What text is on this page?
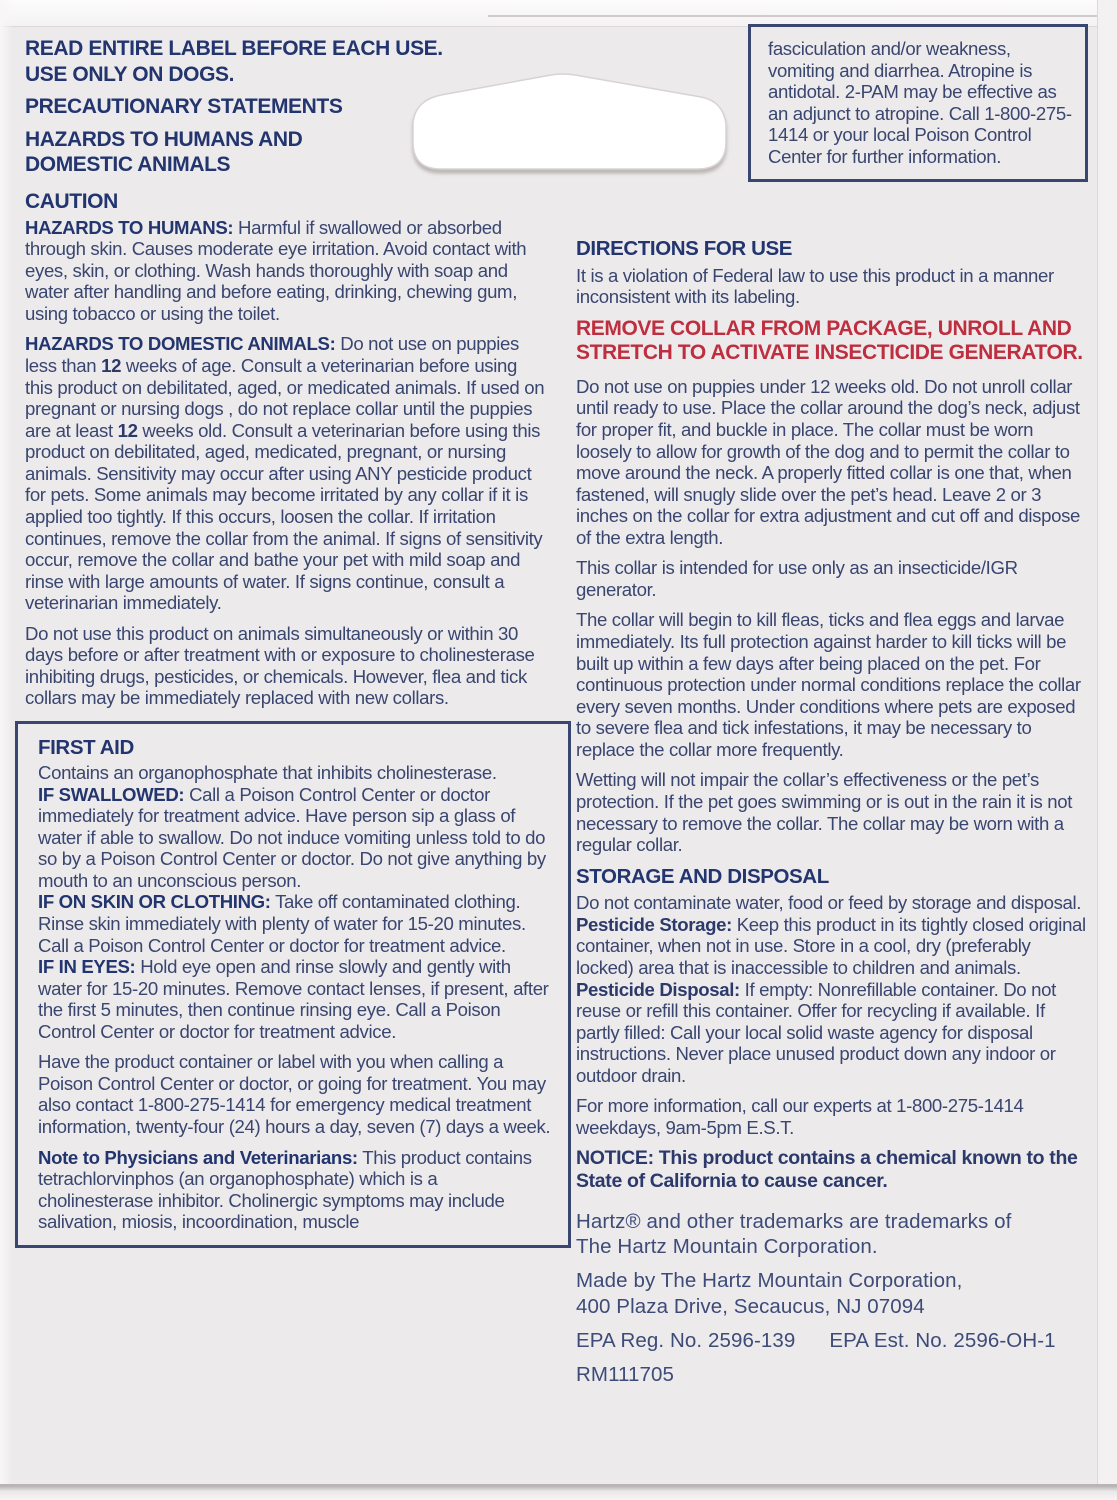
READ ENTIRE LABEL BEFORE EACH USE.
USE ONLY ON DOGS.
PRECAUTIONARY STATEMENTS
HAZARDS TO HUMANS AND
DOMESTIC ANIMALS
CAUTION

HAZARDS TO HUMANS: Harmful if swallowed or absorbed through skin. Causes moderate eye irritation. Avoid contact with eyes, skin, or clothing. Wash hands thoroughly with soap and water after handling and before eating, drinking, chewing gum, using tobacco or using the toilet.

HAZARDS TO DOMESTIC ANIMALS: Do not use on puppies less than 12 weeks of age. Consult a veterinarian before using this product on debilitated, aged, or medicated animals. If used on pregnant or nursing dogs , do not replace collar until the puppies are at least 12 weeks old. Consult a veterinarian before using this product on debilitated, aged, medicated, pregnant, or nursing animals. Sensitivity may occur after using ANY pesticide product for pets. Some animals may become irritated by any collar if it is applied too tightly. If this occurs, loosen the collar. If irritation continues, remove the collar from the animal. If signs of sensitivity occur, remove the collar and bathe your pet with mild soap and rinse with large amounts of water. If signs continue, consult a veterinarian immediately.

Do not use this product on animals simultaneously or within 30 days before or after treatment with or exposure to cholinesterase inhibiting drugs, pesticides, or chemicals. However, flea and tick collars may be immediately replaced with new collars.

FIRST AID

Contains an organophosphate that inhibits cholinesterase.

IF SWALLOWED: Call a Poison Control Center or doctor immediately for treatment advice. Have person sip a glass of water if able to swallow. Do not induce vomiting unless told to do so by a Poison Control Center or doctor. Do not give anything by mouth to an unconscious person.

IF ON SKIN OR CLOTHING: Take off contaminated clothing. Rinse skin immediately with plenty of water for 15-20 minutes. Call a Poison Control Center or doctor for treatment advice.

IF IN EYES: Hold eye open and rinse slowly and gently with water for 15-20 minutes. Remove contact lenses, if present, after the first 5 minutes, then continue rinsing eye. Call a Poison Control Center or doctor for treatment advice.

Have the product container or label with you when calling a Poison Control Center or doctor, or going for treatment. You may also contact 1-800-275-1414 for emergency medical treatment information, twenty-four (24) hours a day, seven (7) days a week.

Note to Physicians and Veterinarians: This product contains tetrachlorvinphos (an organophosphate) which is a cholinesterase inhibitor. Cholinergic symptoms may include salivation, miosis, incoordination, muscle

fasciculation and/or weakness, vomiting and diarrhea. Atropine is antidotal. 2-PAM may be effective as an adjunct to atropine. Call 1-800-275-1414 or your local Poison Control Center for further information.

DIRECTIONS FOR USE

It is a violation of Federal law to use this product in a manner inconsistent with its labeling.

REMOVE COLLAR FROM PACKAGE, UNROLL AND
STRETCH TO ACTIVATE INSECTICIDE GENERATOR.

Do not use on puppies under 12 weeks old. Do not unroll collar until ready to use. Place the collar around the dog’s neck, adjust for proper fit, and buckle in place. The collar must be worn loosely to allow for growth of the dog and to permit the collar to move around the neck. A properly fitted collar is one that, when fastened, will snugly slide over the pet’s head. Leave 2 or 3 inches on the collar for extra adjustment and cut off and dispose of the extra length.

This collar is intended for use only as an insecticide/IGR generator.

The collar will begin to kill fleas, ticks and flea eggs and larvae immediately. Its full protection against harder to kill ticks will be built up within a few days after being placed on the pet. For continuous protection under normal conditions replace the collar every seven months. Under conditions where pets are exposed to severe flea and tick infestations, it may be necessary to replace the collar more frequently.

Wetting will not impair the collar’s effectiveness or the pet’s protection. If the pet goes swimming or is out in the rain it is not necessary to remove the collar. The collar may be worn with a regular collar.

STORAGE AND DISPOSAL

Do not contaminate water, food or feed by storage and disposal. Pesticide Storage: Keep this product in its tightly closed original container, when not in use. Store in a cool, dry (preferably locked) area that is inaccessible to children and animals. Pesticide Disposal: If empty: Nonrefillable container. Do not reuse or refill this container. Offer for recycling if available. If partly filled: Call your local solid waste agency for disposal instructions. Never place unused product down any indoor or outdoor drain.

For more information, call our experts at 1-800-275-1414 weekdays, 9am-5pm E.S.T.

NOTICE: This product contains a chemical known to the State of California to cause cancer.

Hartz® and other trademarks are trademarks of
The Hartz Mountain Corporation.

Made by The Hartz Mountain Corporation,
400 Plaza Drive, Secaucus, NJ 07094

EPA Reg. No. 2596-139 EPA Est. No. 2596-OH-1

RM111705
